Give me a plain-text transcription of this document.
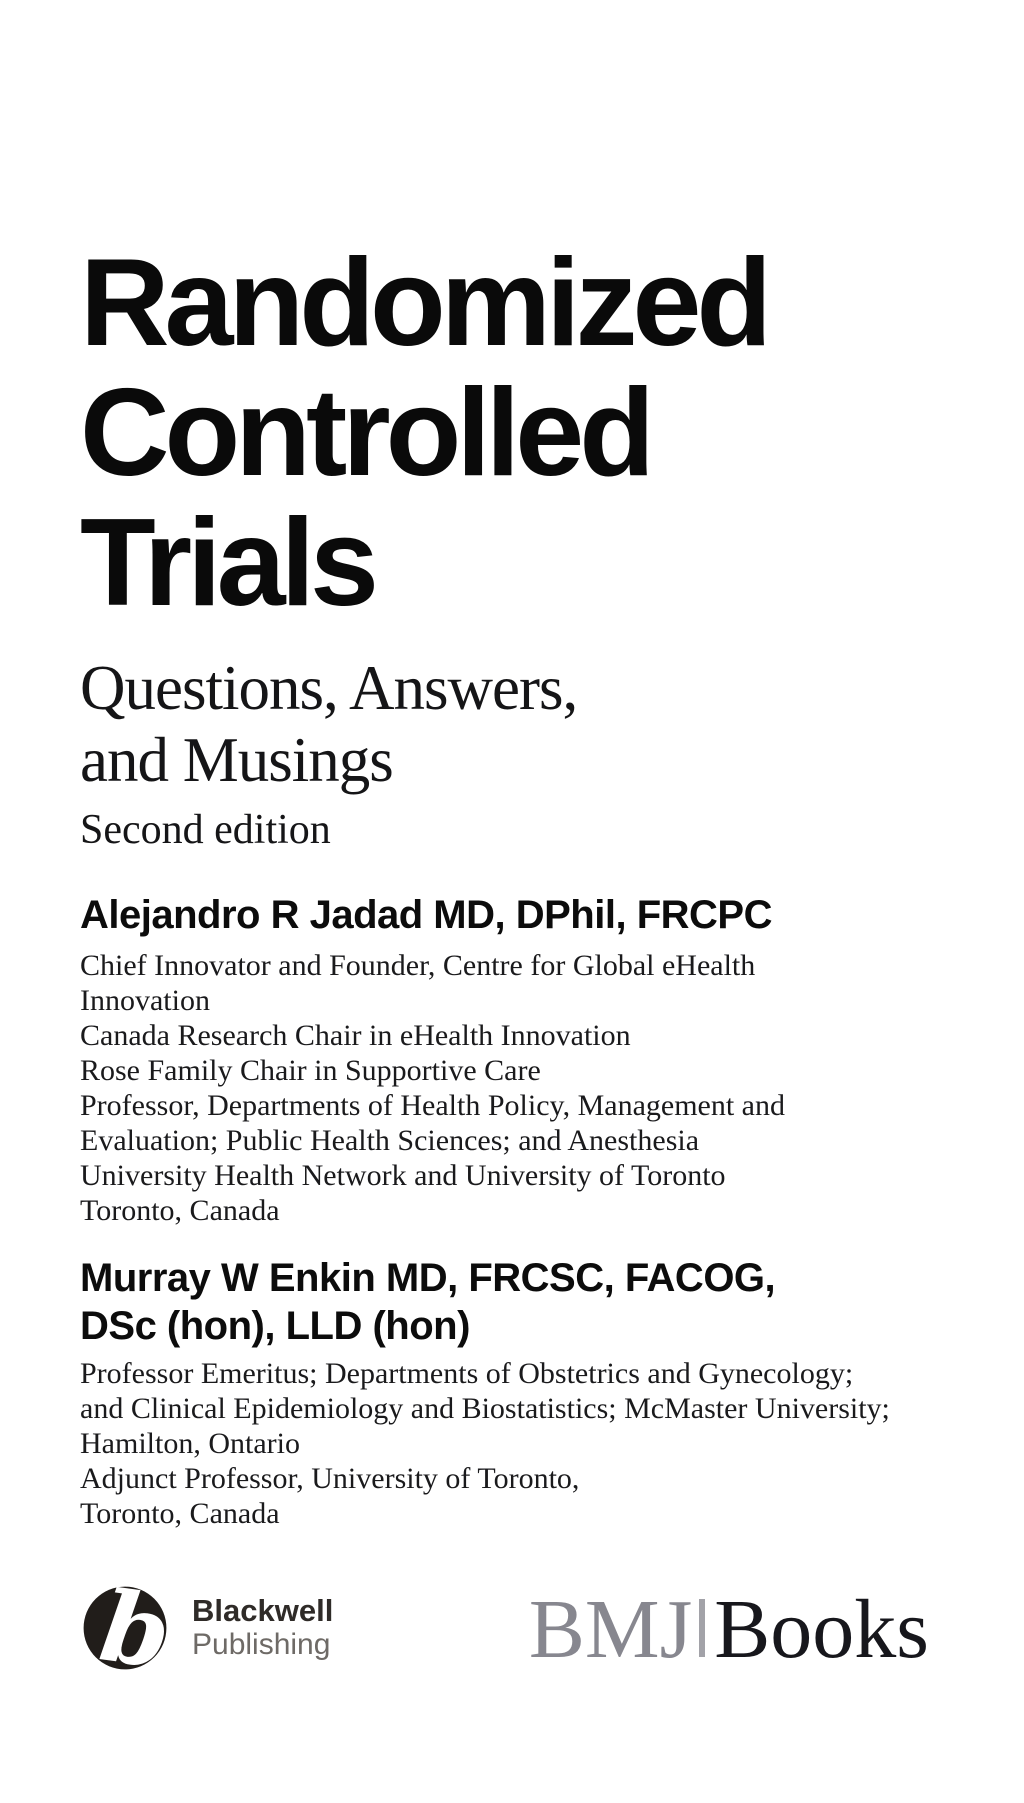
Randomized
Controlled
Trials
Questions, Answers,
and Musings
Second edition
Alejandro R Jadad MD, DPhil, FRCPC

Chief Innovator and Founder, Centre for Global eHealth
Innovation
Canada Research Chair in eHealth Innovation
Rose Family Chair in Supportive Care
Professor, Departments of Health Policy, Management and
Evaluation; Public Health Sciences; and Anesthesia
University Health Network and University of Toronto
Toronto, Canada

Murray W Enkin MD, FRCSC, FACOG,
DSc (hon), LLD (hon)

Professor Emeritus; Departments of Obstetrics and Gynecology;
and Clinical Epidemiology and Biostatistics; McMaster University;
Hamilton, Ontario
Adjunct Professor, University of Toronto,
Toronto, Canada

b Blackwell
Publishing BMJ Books
